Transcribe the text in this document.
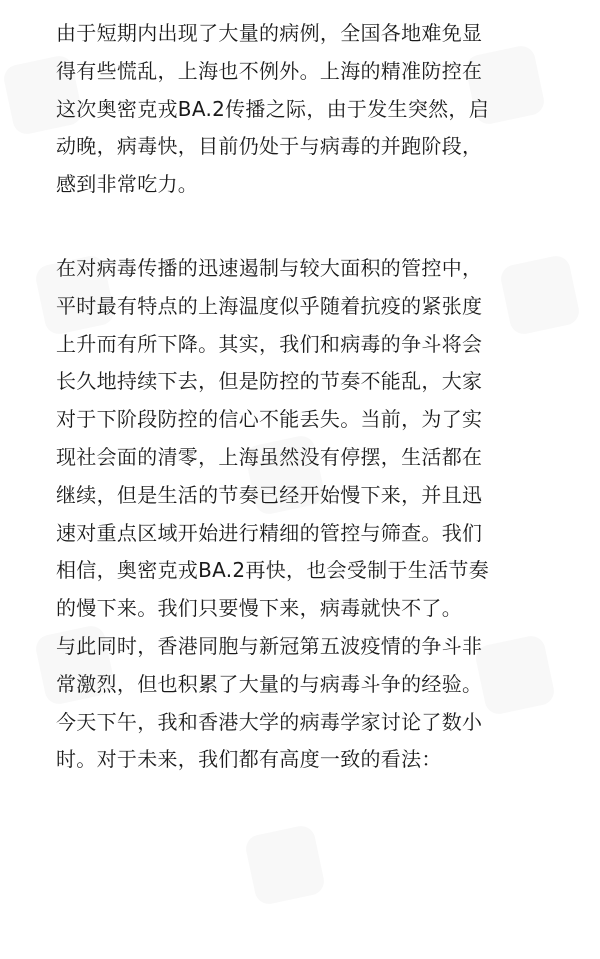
由于短期内出现了大量的病例，全国各地难免显
得有些慌乱，上海也不例外。上海的精准防控在
这次奥密克戎BA.2传播之际，由于发生突然，启
动晚，病毒快，目前仍处于与病毒的并跑阶段，
感到非常吃力。
在对病毒传播的迅速遏制与较大面积的管控中，
平时最有特点的上海温度似乎随着抗疫的紧张度
上升而有所下降。其实，我们和病毒的争斗将会
长久地持续下去，但是防控的节奏不能乱，大家
对于下阶段防控的信心不能丢失。当前，为了实
现社会面的清零，上海虽然没有停摆，生活都在
继续，但是生活的节奏已经开始慢下来，并且迅
速对重点区域开始进行精细的管控与筛查。我们
相信，奥密克戎BA.2再快，也会受制于生活节奏
的慢下来。我们只要慢下来，病毒就快不了。
与此同时，香港同胞与新冠第五波疫情的争斗非
常激烈，但也积累了大量的与病毒斗争的经验。
今天下午，我和香港大学的病毒学家讨论了数小
时。对于未来，我们都有高度一致的看法：
